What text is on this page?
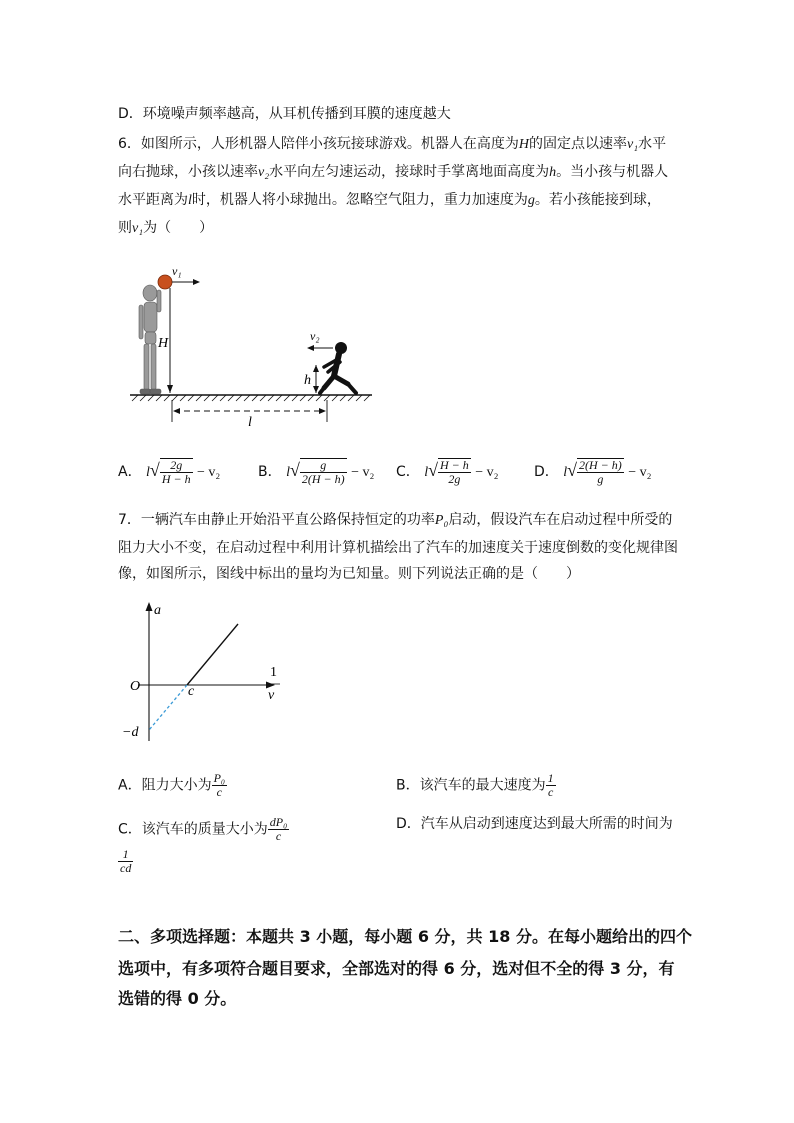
D．环境噪声频率越高，从耳机传播到耳膜的速度越大
6．如图所示，人形机器人陪伴小孩玩接球游戏。机器人在高度为H的固定点以速率v₁水平
向右抛球，小孩以速率v₂水平向左匀速运动，接球时手掌离地面高度为h。当小孩与机器人
水平距离为l时，机器人将小球抛出。忽略空气阻力，重力加速度为g。若小孩能接到球，
则v₁为（　　）
v₁
H	v₂
h
l
A． $l√ \frac{2g}{H - h} - v_2$	B． $l√ \frac{g}{2(H - h)} - v_2$ C． $l√ \frac{H - h}{2g} - v_2$	D． $l√ \frac{2(H - h)}{g} - v_2$
7．一辆汽车由静止开始沿平直公路保持恒定的功率P₀启动，假设汽车在启动过程中所受的
阻力大小不变，在启动过程中利用计算机描绘出了汽车的加速度关于速度倒数的变化规律图
像，如图所示，图线中标出的量均为已知量。则下列说法正确的是（　　）
a
1
v
O	c
−d
A．阻力大小为 $\frac{\text{P₀}}{c}$	B．该汽车的最大速度为 $\frac{1}{c}$
C．该汽车的质量大小为 $\frac{\text{dP₀}}{c}$	D．汽车从启动到速度达到最大所需的时间为
$\frac{1}{cd}$
二、多项选择题：本题共 3 小题，每小题 6 分，共 18 分。在每小题给出的四个
选项中，有多项符合题目要求，全部选对的得 6 分，选对但不全的得 3 分，有
选错的得 0 分。
